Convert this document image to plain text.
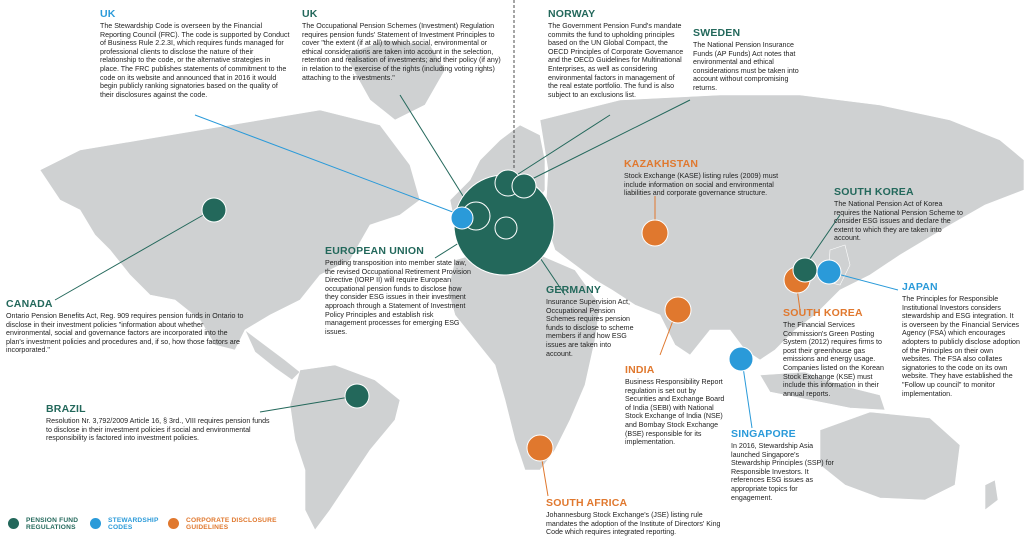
UK
The Stewardship Code is overseen by the Financial Reporting Council (FRC). The code is supported by Conduct of Business Rule 2.2.3I, which requires funds managed for professional clients to disclose the nature of their relationship to the code, or the alternative strategies in place. The FRC publishes statements of commitment to the code on its website and announced that in 2016 it would begin publicly ranking signatories based on the quality of their disclosures against the code.
UK
The Occupational Pension Schemes (Investment) Regulation requires pension funds' Statement of Investment Principles to cover "the extent (if at all) to which social, environmental or ethical considerations are taken into account in the selection, retention and realisation of investments; and their policy (if any) in relation to the exercise of the rights (including voting rights) attaching to the investments."
NORWAY
The Government Pension Fund's mandate commits the fund to upholding principles based on the UN Global Compact, the OECD Principles of Corporate Governance and the OECD Guidelines for Multinational Enterprises, as well as considering environmental factors in management of the real estate portfolio. The fund is also subject to an exclusions list.
SWEDEN
The National Pension Insurance Funds (AP Funds) Act notes that environmental and ethical considerations must be taken into account without compromising returns.
KAZAKHSTAN
Stock Exchange (KASE) listing rules (2009) must include information on social and environmental liabilities and corporate governance structure.	SOUTH KOREA
The National Pension Act of Korea requires the National Pension Scheme to consider ESG issues and declare the extent to which they are taken into account.
CANADA
Ontario Pension Benefits Act, Reg. 909 requires pension funds in Ontario to disclose in their investment policies "information about whether environmental, social and governance factors are incorporated into the plan's investment policies and procedures and, if so, how those factors are incorporated."
EUROPEAN UNION
Pending transposition into member state law, the revised Occupational Retirement Provision Directive (IORP II) will require European occupational pension funds to disclose how they consider ESG issues in their investment approach through a Statement of Investment Policy Principles and establish risk management processes for emerging ESG issues.
GERMANY
Insurance Supervision Act, Occupational Pension Schemes requires pension funds to disclose to scheme members if and how ESG issues are taken into account.
JAPAN
The Principles for Responsible Institutional Investors considers stewardship and ESG integration. It is overseen by the Financial Services Agency (FSA) which encourages adopters to publicly disclose adoption of the Principles on their own websites. The FSA also collates signatories to the code on its own website. They have established the "Follow up council" to monitor implementation.
SOUTH KOREA
The Financial Services Commission's Green Posting System (2012) requires firms to post their greenhouse gas emissions and energy usage. Companies listed on the Korean Stock Exchange (KSE) must include this information in their annual reports.
INDIA
Business Responsibility Report regulation is set out by Securities and Exchange Board of India (SEBI) with National Stock Exchange of India (NSE) and Bombay Stock Exchange (BSE) responsible for its implementation.
BRAZIL
Resolution Nr. 3,792/2009 Article 16, § 3rd., VIII requires pension funds to disclose in their investment policies if social and environmental responsibility is factored into investment policies.	SINGAPORE
In 2016, Stewardship Asia launched Singapore's Stewardship Principles (SSP) for Responsible Investors. It references ESG issues as appropriate topics for engagement.
SOUTH AFRICA
Johannesburg Stock Exchange's (JSE) listing rule mandates the adoption of the Institute of Directors' King Code which requires integrated reporting.
PENSION FUND REGULATIONS
STEWARDSHIP CODES
CORPORATE DISCLOSURE GUIDELINES
